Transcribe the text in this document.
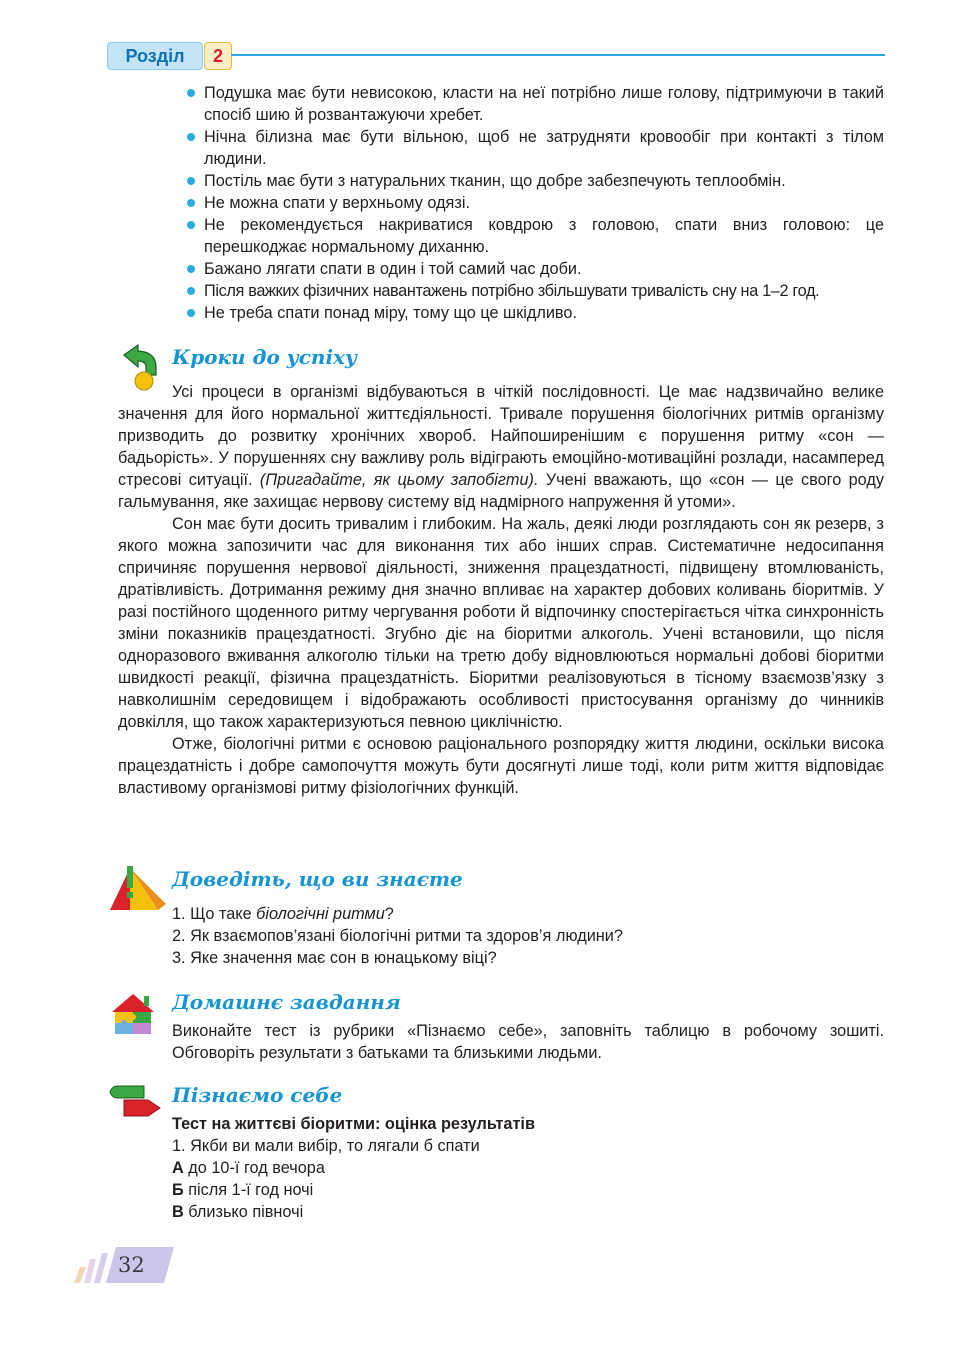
Розділ	2
Подушка має бути невисокою, класти на неї потрібно лише голову, підтримуючи в такий спосіб шию й розвантажуючи хребет.
Нічна білизна має бути вільною, щоб не затрудняти кровообіг при контакті з тілом людини.
Постіль має бути з натуральних тканин, що добре забезпечують теплообмін.
Не можна спати у верхньому одязі.
Не рекомендується накриватися ковдрою з головою, спати вниз головою: це перешкоджає нормальному диханню.
Бажано лягати спати в один і той самий час доби.
Після важких фізичних навантажень потрібно збільшувати тривалість сну на 1–2 год.
Не треба спати понад міру, тому що це шкідливо.
Кроки до успіху

Усі процеси в організмі відбуваються в чіткій послідовності. Це має надзвичайно велике значення для його нормальної життєдіяльності. Тривале порушення біологічних ритмів організму призводить до розвитку хронічних хвороб. Найпоширенішим є порушення ритму «сон — бадьорість». У порушеннях сну важливу роль відіграють емоційно-мотиваційні розлади, насамперед стресові ситуації. (Пригадайте, як цьому запобігти). Учені вважають, що «сон — це свого роду гальмування, яке захищає нервову систему від надмірного напруження й утоми».

Сон має бути досить тривалим і глибоким. На жаль, деякі люди розглядають сон як резерв, з якого можна запозичити час для виконання тих або інших справ. Систематичне недосипання спричиняє порушення нервової діяльності, зниження працездатності, підвищену втомлюваність, дратівливість. Дотримання режиму дня значно впливає на характер добових коливань біоритмів. У разі постійного щоденного ритму чергування роботи й відпочинку спостерігається чітка синхронність зміни показників працездатності. Згубно діє на біоритми алкоголь. Учені встановили, що після одноразового вживання алкоголю тільки на третю добу відновлюються нормальні добові біоритми швидкості реакції, фізична працездатність. Біоритми реалізовуються в тісному взаємозв’язку з навколишнім середовищем і відображають особливості пристосування організму до чинників довкілля, що також характеризуються певною циклічністю.

Отже, біологічні ритми є основою раціонального розпорядку життя людини, оскільки висока працездатність і добре самопочуття можуть бути досягнуті лише тоді, коли ритм життя відповідає властивому організмові ритму фізіологічних функцій.

Доведіть, що ви знаєте
1. Що таке біологічні ритми?
2. Як взаємопов’язані біологічні ритми та здоров’я людини?
3. Яке значення має сон в юнацькому віці?
Домашнє завдання
Виконайте тест із рубрики «Пізнаємо себе», заповніть таблицю в робочому зошиті. Обговоріть результати з батьками та близькими людьми.
Пізнаємо себе
Тест на життєві біоритми: оцінка результатів
1. Якби ви мали вибір, то лягали б спати
А до 10-ї год вечора
Б після 1-ї год ночі
В близько півночі
32
